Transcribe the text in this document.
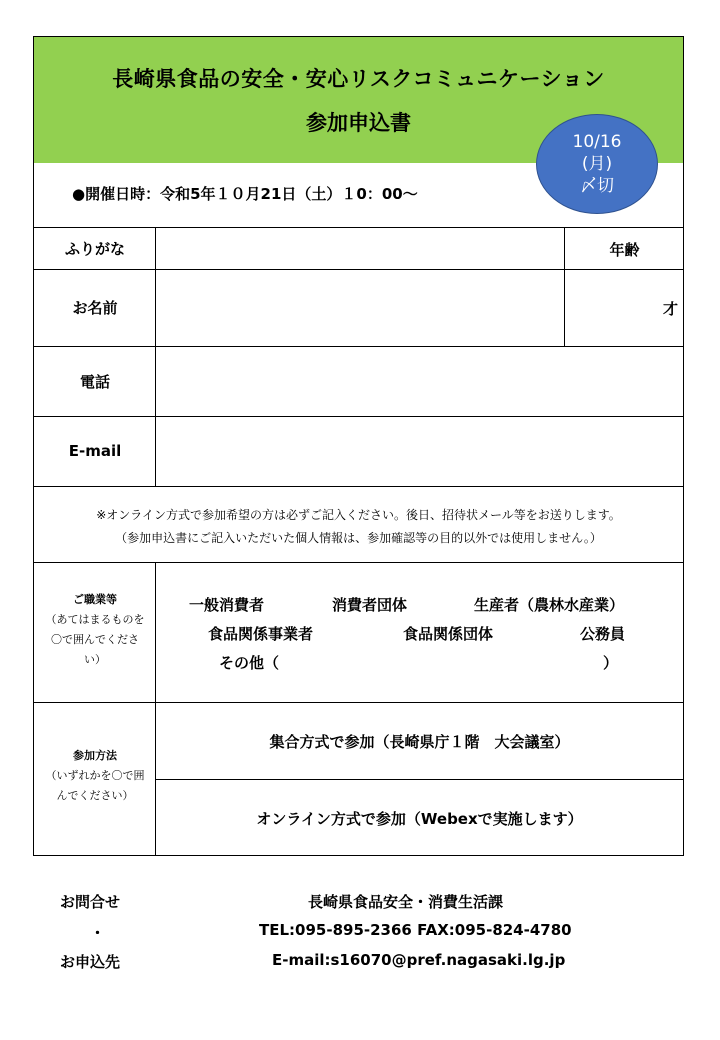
長崎県食品の安全・安心リスクコミュニケーション
参加申込書
●開催日時：令和5年１０月21日（土）１0：00～
10/16
(月)
〆切
ふりがな	年齢
お名前	才
電話
E-mail
※オンライン方式で参加希望の方は必ずご記入ください。後日、招待状メール等をお送りします。
（参加申込書にご記入いただいた個人情報は、参加確認等の目的以外では使用しません。）
ご職業等
（あてはまるものを
〇で囲んでくださ
い）
一般消費者	消費者団体	生産者（農林水産業）
食品関係事業者	食品関係団体	公務員
その他（	）
参加方法
（いずれかを〇で囲
んでください）
集合方式で参加（長崎県庁１階　大会議室）
オンライン方式で参加（Webexで実施します）
お問合せ
・
お申込先
長崎県食品安全・消費生活課
TEL:095-895-2366 FAX:095-824-4780
E-mail:s16070@pref.nagasaki.lg.jp
